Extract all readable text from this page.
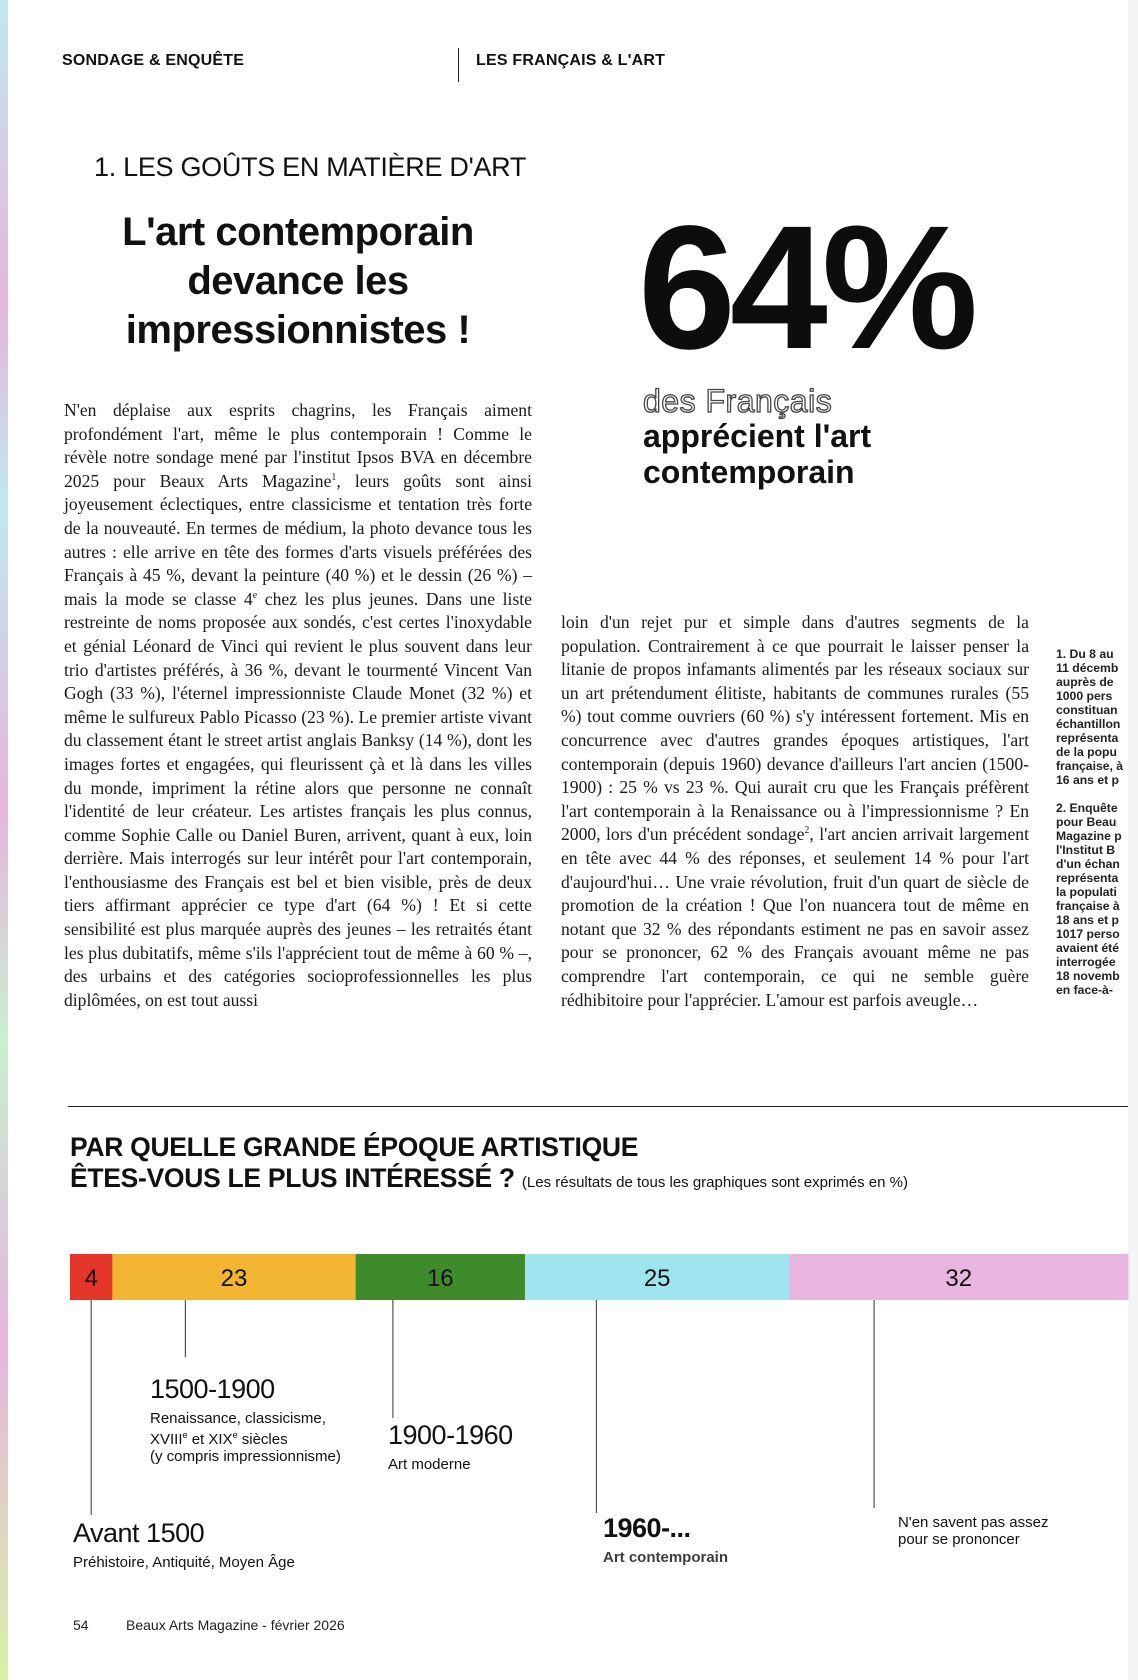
SONDAGE & ENQUÊTE	LES FRANÇAIS & L'ART
1. LES GOÛTS EN MATIÈRE D'ART
L'art contemporain devance les impressionnistes ! 64%
des Français
apprécient l'art contemporain
N'en déplaise aux esprits chagrins, les Français aiment profondément l'art, même le plus contemporain ! Comme le révèle notre sondage mené par l'institut Ipsos BVA en décembre 2025 pour Beaux Arts Magazine$^1$, leurs goûts sont ainsi joyeusement éclectiques, entre classicisme et tentation très forte de la nouveauté. En termes de médium, la photo devance tous les autres : elle arrive en tête des formes d'arts visuels préférées des Français à 45 %, devant la peinture (40 %) et le dessin (26 %) – mais la mode se classe 4e chez les plus jeunes. Dans une liste restreinte de noms proposée aux sondés, c'est certes l'inoxydable et génial Léonard de Vinci qui revient le plus souvent dans leur trio d'artistes préférés, à 36 %, devant le tourmenté Vincent Van Gogh (33 %), l'éternel impressionniste Claude Monet (32 %) et même le sulfureux Pablo Picasso (23 %). Le premier artiste vivant du classement étant le street artist anglais Banksy (14 %), dont les images fortes et engagées, qui fleurissent çà et là dans les villes du monde, impriment la rétine alors que personne ne connaît l'identité de leur créateur. Les artistes français les plus connus, comme Sophie Calle ou Daniel Buren, arrivent, quant à eux, loin derrière. Mais interrogés sur leur intérêt pour l'art contemporain, l'enthousiasme des Français est bel et bien visible, près de deux tiers affirmant apprécier ce type d'art (64 %) ! Et si cette sensibilité est plus marquée auprès des jeunes – les retraités étant les plus dubitatifs, même s'ils l'apprécient tout de même à 60 % –, des urbains et des catégories socioprofessionnelles les plus diplômées, on est tout aussi
loin d'un rejet pur et simple dans d'autres segments de la population. Contrairement à ce que pourrait le laisser penser la litanie de propos infamants alimentés par les réseaux sociaux sur un art prétendument élitiste, habitants de communes rurales (55 %) tout comme ouvriers (60 %) s'y intéressent fortement. Mis en concurrence avec d'autres grandes époques artistiques, l'art contemporain (depuis 1960) devance d'ailleurs l'art ancien (1500-1900) : 25 % vs 23 %. Qui aurait cru que les Français préfèrent l'art contemporain à la Renaissance ou à l'impressionnisme ? En 2000, lors d'un précédent sondage$^2$, l'art ancien arrivait largement en tête avec 44 % des réponses, et seulement 14 % pour l'art d'aujourd'hui… Une vraie révolution, fruit d'un quart de siècle de promotion de la création ! Que l'on nuancera tout de même en notant que 32 % des répondants estiment ne pas en savoir assez pour se prononcer, 62 % des Français avouant même ne pas comprendre l'art contemporain, ce qui ne semble guère rédhibitoire pour l'apprécier. L'amour est parfois aveugle…
1. Du 8 au
11 décemb
auprès de
1000 pers
constituan
échantillon
représenta
de la popu
française, à
16 ans et p
2. Enquête
pour Beau
Magazine p
l'Institut B
d'un échan
représenta
la populati
française à
18 ans et p
1017 perso
avaient été
interrogée
18 novemb
en face-à-
PAR QUELLE GRANDE ÉPOQUE ARTISTIQUE
ÊTES-VOUS LE PLUS INTÉRESSÉ ? (Les résultats de tous les graphiques sont exprimés en %)
4	23	16	25	32
Avant 1500
Préhistoire, Antiquité, Moyen Âge
1500-1900
Renaissance, classicisme,
XVIIIe et XIXe siècles
(y compris impressionnisme)
1900-1960
Art moderne
1960-...
Art contemporain
N'en savent pas assez
pour se prononcer
54	Beaux Arts Magazine - février 2026
